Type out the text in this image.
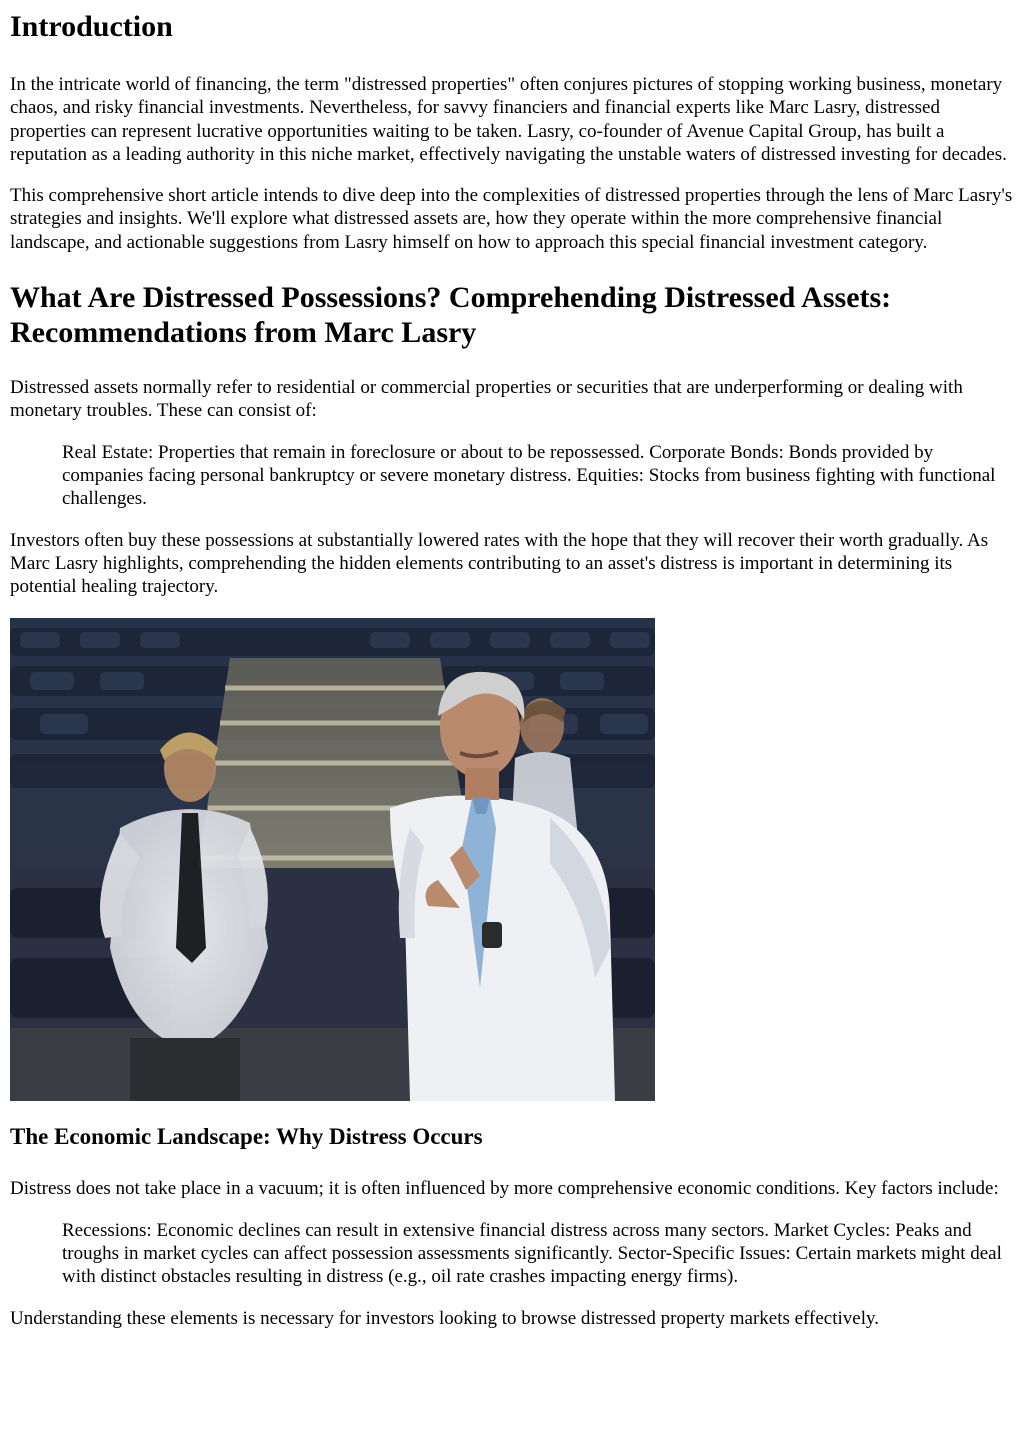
Introduction

In the intricate world of financing, the term "distressed properties" often conjures pictures of stopping working business, monetary chaos, and risky financial investments. Nevertheless, for savvy financiers and financial experts like Marc Lasry, distressed properties can represent lucrative opportunities waiting to be taken. Lasry, co-founder of Avenue Capital Group, has built a reputation as a leading authority in this niche market, effectively navigating the unstable waters of distressed investing for decades.

This comprehensive short article intends to dive deep into the complexities of distressed properties through the lens of Marc Lasry's strategies and insights. We'll explore what distressed assets are, how they operate within the more comprehensive financial landscape, and actionable suggestions from Lasry himself on how to approach this special financial investment category.

What Are Distressed Possessions? Comprehending Distressed Assets: Recommendations from Marc Lasry

Distressed assets normally refer to residential or commercial properties or securities that are underperforming or dealing with monetary troubles. These can consist of:

Real Estate: Properties that remain in foreclosure or about to be repossessed. Corporate Bonds: Bonds provided by companies facing personal bankruptcy or severe monetary distress. Equities: Stocks from business fighting with functional challenges.

Investors often buy these possessions at substantially lowered rates with the hope that they will recover their worth gradually. As Marc Lasry highlights, comprehending the hidden elements contributing to an asset's distress is important in determining its potential healing trajectory.

The Economic Landscape: Why Distress Occurs

Distress does not take place in a vacuum; it is often influenced by more comprehensive economic conditions. Key factors include:

Recessions: Economic declines can result in extensive financial distress across many sectors. Market Cycles: Peaks and troughs in market cycles can affect possession assessments significantly. Sector-Specific Issues: Certain markets might deal with distinct obstacles resulting in distress (e.g., oil rate crashes impacting energy firms).

Understanding these elements is necessary for investors looking to browse distressed property markets effectively.
